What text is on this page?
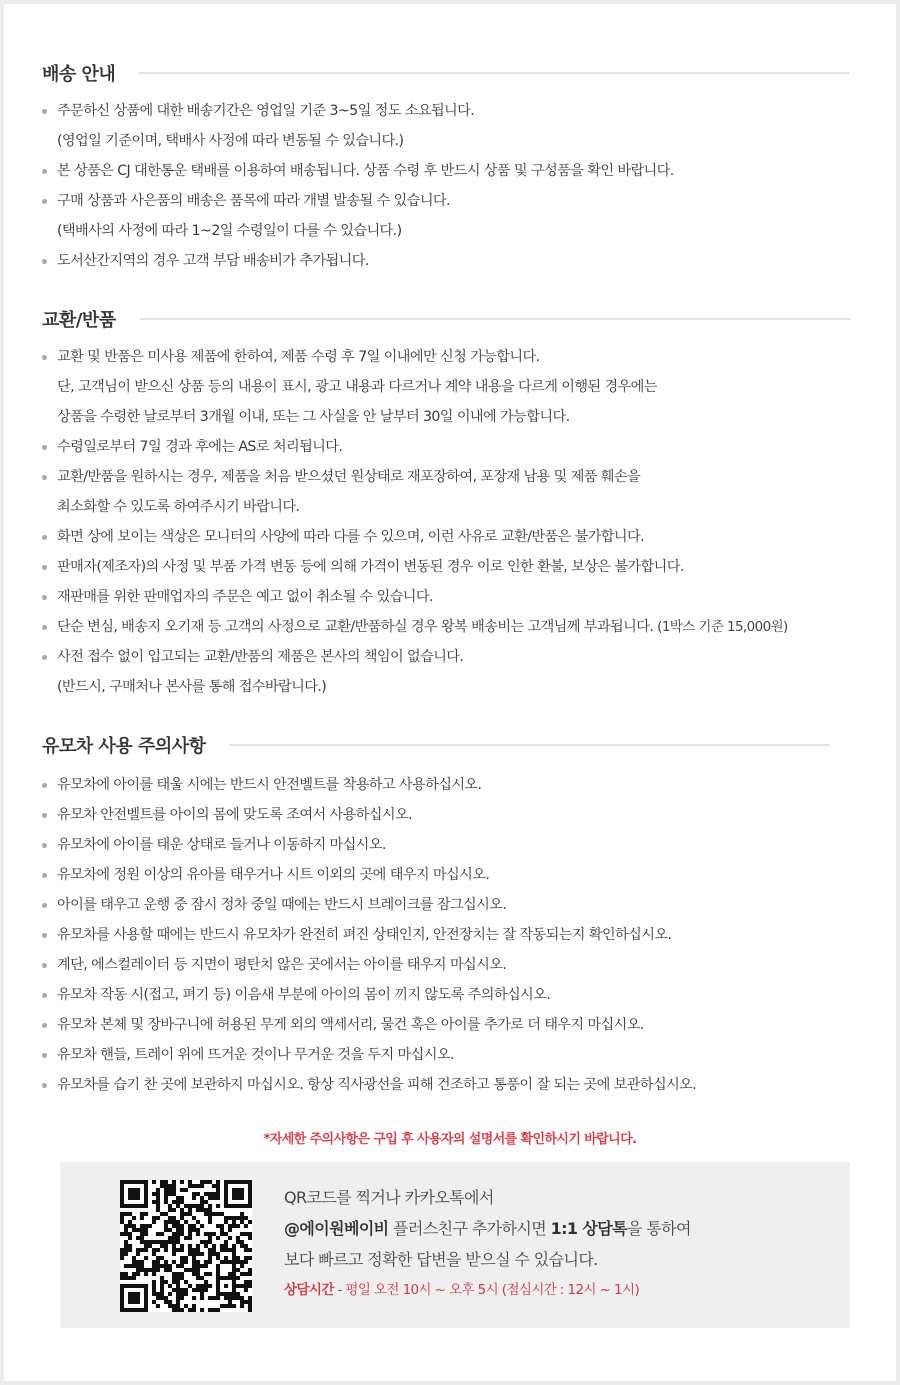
배송 안내
주문하신 상품에 대한 배송기간은 영업일 기준 3~5일 정도 소요됩니다.
(영업일 기준이며, 택배사 사정에 따라 변동될 수 있습니다.)
본 상품은 CJ 대한통운 택배를 이용하여 배송됩니다. 상품 수령 후 반드시 상품 및 구성품을 확인 바랍니다.
구매 상품과 사은품의 배송은 품목에 따라 개별 발송될 수 있습니다.
(택배사의 사정에 따라 1~2일 수령일이 다를 수 있습니다.)
도서산간지역의 경우 고객 부담 배송비가 추가됩니다.
교환/반품
교환 및 반품은 미사용 제품에 한하여, 제품 수령 후 7일 이내에만 신청 가능합니다.
단, 고객님이 받으신 상품 등의 내용이 표시, 광고 내용과 다르거나 계약 내용을 다르게 이행된 경우에는
상품을 수령한 날로부터 3개월 이내, 또는 그 사실을 안 날부터 30일 이내에 가능합니다.
수령일로부터 7일 경과 후에는 AS로 처리됩니다.
교환/반품을 원하시는 경우, 제품을 처음 받으셨던 원상태로 재포장하여, 포장재 남용 및 제품 훼손을
최소화할 수 있도록 하여주시기 바랍니다.
화면 상에 보이는 색상은 모니터의 사양에 따라 다를 수 있으며, 이런 사유로 교환/반품은 불가합니다.
판매자(제조자)의 사정 및 부품 가격 변동 등에 의해 가격이 변동된 경우 이로 인한 환불, 보상은 불가합니다.
재판매를 위한 판매업자의 주문은 예고 없이 취소될 수 있습니다.
단순 변심, 배송지 오기재 등 고객의 사정으로 교환/반품하실 경우 왕복 배송비는 고객님께 부과됩니다. (1박스 기준 15,000원)
사전 접수 없이 입고되는 교환/반품의 제품은 본사의 책임이 없습니다.
(반드시, 구매처나 본사를 통해 접수바랍니다.)
유모차 사용 주의사항
유모차에 아이를 태울 시에는 반드시 안전벨트를 착용하고 사용하십시오.
유모차 안전벨트를 아이의 몸에 맞도록 조여서 사용하십시오.
유모차에 아이를 태운 상태로 들거나 이동하지 마십시오.
유모차에 정원 이상의 유아를 태우거나 시트 이외의 곳에 태우지 마십시오.
아이를 태우고 운행 중 잠시 정차 중일 때에는 반드시 브레이크를 잠그십시오.
유모차를 사용할 때에는 반드시 유모차가 완전히 펴진 상태인지, 안전장치는 잘 작동되는지 확인하십시오.
계단, 에스컬레이터 등 지면이 평탄치 않은 곳에서는 아이를 태우지 마십시오.
유모차 작동 시(접고, 펴기 등) 이음새 부분에 아이의 몸이 끼지 않도록 주의하십시오.
유모차 본체 및 장바구니에 허용된 무게 외의 액세서리, 물건 혹은 아이를 추가로 더 태우지 마십시오.
유모차 핸들, 트레이 위에 뜨거운 것이나 무거운 것을 두지 마십시오.
유모차를 습기 찬 곳에 보관하지 마십시오. 항상 직사광선을 피해 건조하고 통풍이 잘 되는 곳에 보관하십시오.
*자세한 주의사항은 구입 후 사용자의 설명서를 확인하시기 바랍니다.
QR코드를 찍거나 카카오톡에서
@에이원베이비 플러스친구 추가하시면 1:1 상담톡을 통하여
보다 빠르고 정확한 답변을 받으실 수 있습니다.
상담시간 - 평일 오전 10시 ~ 오후 5시 (점심시간 : 12시 ~ 1시)
